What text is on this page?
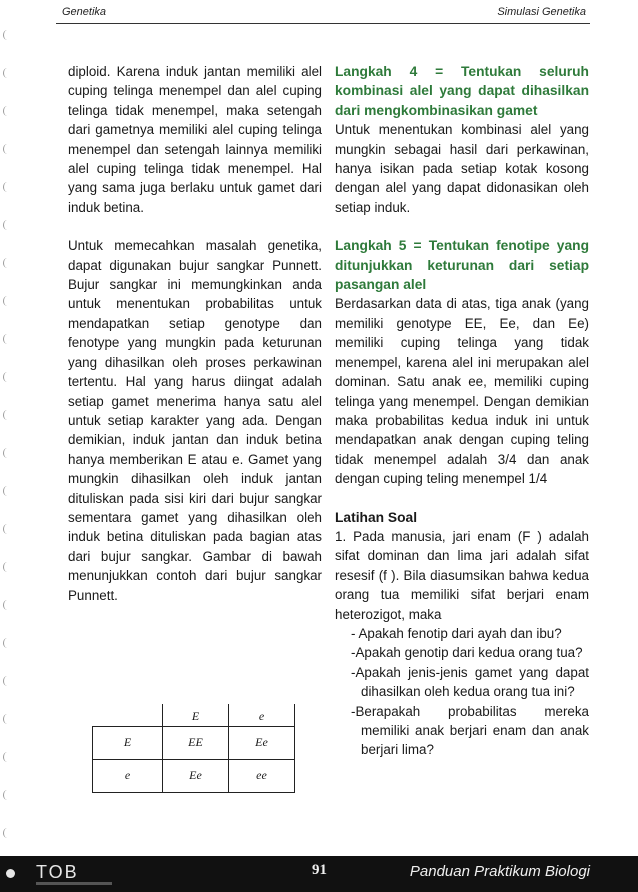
Genetika	Simulasi Genetika

diploid. Karena induk jantan memiliki alel cuping telinga menempel dan alel cuping telinga tidak menempel, maka setengah dari gametnya memiliki alel cuping telinga menempel dan setengah lainnya memiliki alel cuping telinga tidak menempel. Hal yang sama juga berlaku untuk gamet dari induk betina.

Untuk memecahkan masalah genetika, dapat digunakan bujur sangkar Punnett. Bujur sangkar ini memungkinkan anda untuk menentukan probabilitas untuk mendapatkan setiap genotype dan fenotype yang mungkin pada keturunan yang dihasilkan oleh proses perkawinan tertentu. Hal yang harus diingat adalah setiap gamet menerima hanya satu alel untuk setiap karakter yang ada. Dengan demikian, induk jantan dan induk betina hanya memberikan E atau e. Gamet yang mungkin dihasilkan oleh induk jantan dituliskan pada sisi kiri dari bujur sangkar sementara gamet yang dihasilkan oleh induk betina dituliskan pada bagian atas dari bujur sangkar. Gambar di bawah menunjukkan contoh dari bujur sangkar Punnett.

	E	e
E	EE	Ee
e	Ee	ee
Langkah 4 = Tentukan seluruh kombinasi alel yang dapat dihasilkan dari mengkombinasikan gamet

Untuk menentukan kombinasi alel yang mungkin sebagai hasil dari perkawinan, hanya isikan pada setiap kotak kosong dengan alel yang dapat didonasikan oleh setiap induk.

Langkah 5 = Tentukan fenotipe yang ditunjukkan keturunan dari setiap pasangan alel

Berdasarkan data di atas, tiga anak (yang memiliki genotype EE, Ee, dan Ee) memiliki cuping telinga yang tidak menempel, karena alel ini merupakan alel dominan. Satu anak ee, memiliki cuping telinga yang menempel. Dengan demikian maka probabilitas kedua induk ini untuk mendapatkan anak dengan cuping teling tidak menempel adalah 3/4 dan anak dengan cuping teling menempel 1/4

Latihan Soal

1. Pada manusia, jari enam (F ) adalah sifat dominan dan lima jari adalah sifat resesif (f ). Bila diasumsikan bahwa kedua orang tua memiliki sifat berjari enam heterozigot, maka

- Apakah fenotip dari ayah dan ibu?

-Apakah genotip dari kedua orang tua?

-Apakah jenis-jenis gamet yang dapat dihasilkan oleh kedua orang tua ini?

-Berapakah probabilitas mereka memiliki anak berjari enam dan anak berjari lima?

TOB	91	Panduan Praktikum Biologi
